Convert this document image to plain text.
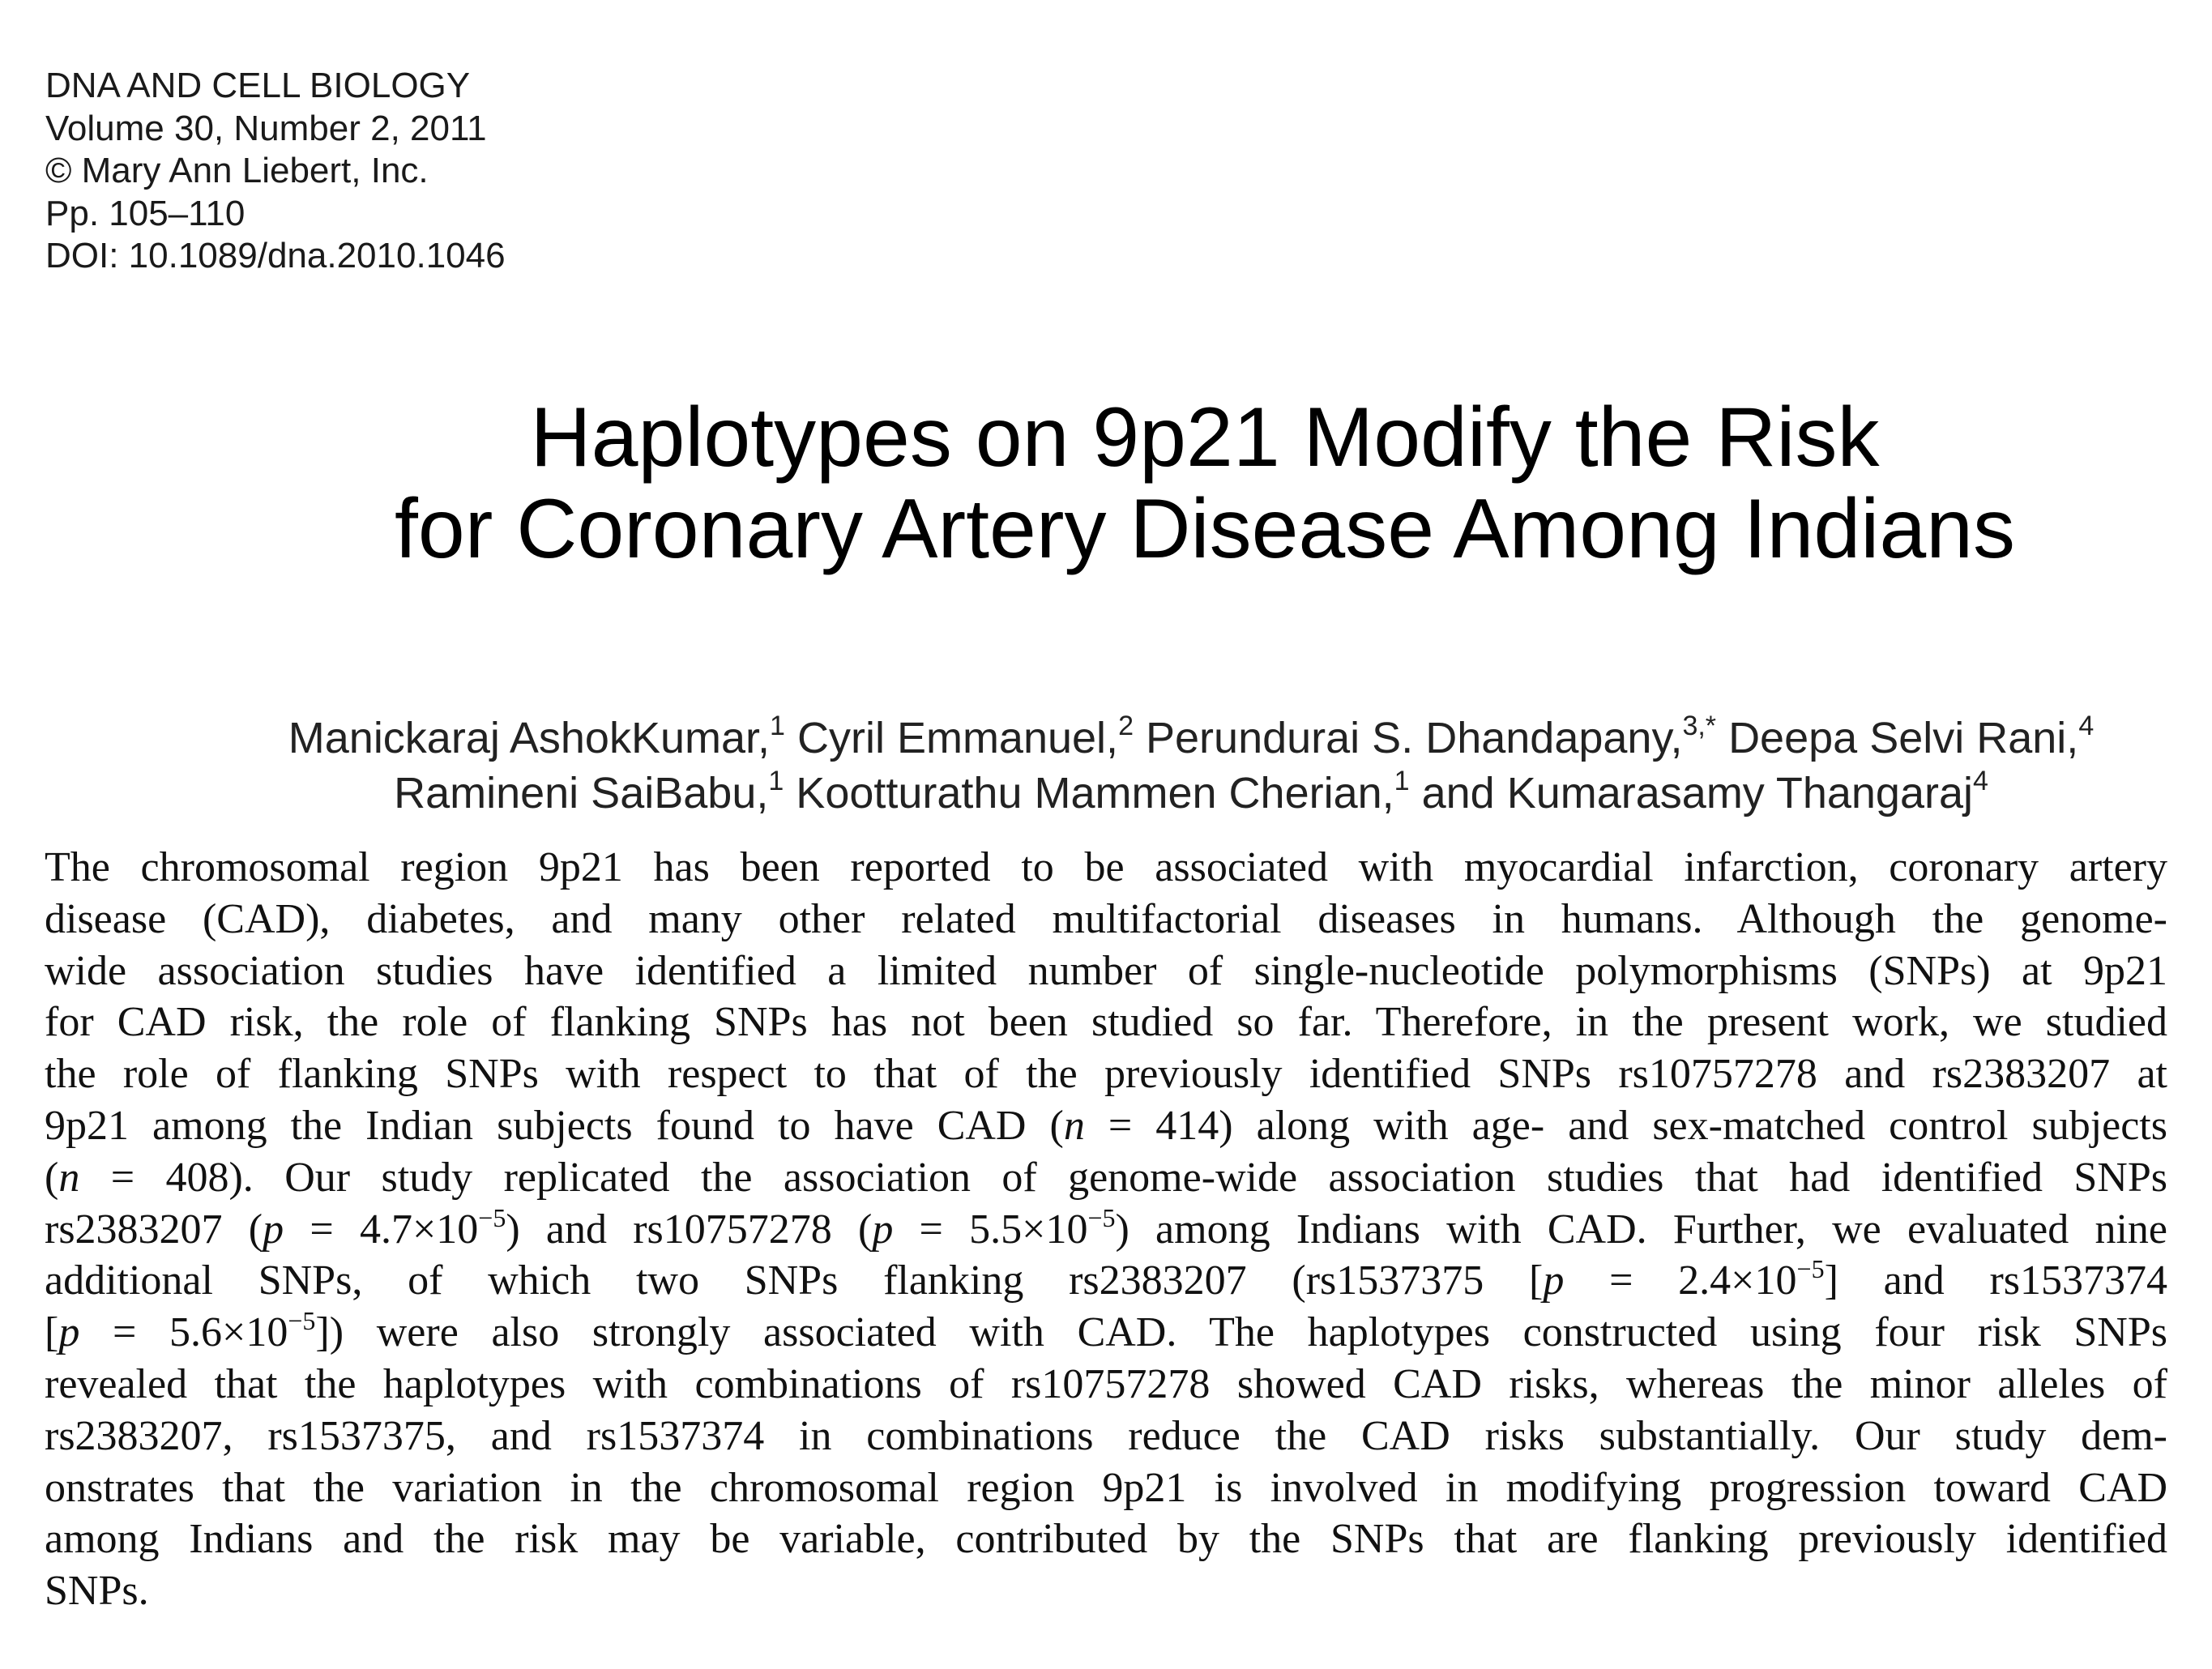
DNA AND CELL BIOLOGY
Volume 30, Number 2, 2011
© Mary Ann Liebert, Inc.
Pp. 105–110
DOI: 10.1089/dna.2010.1046
Haplotypes on 9p21 Modify the Risk
for Coronary Artery Disease Among Indians
Manickaraj AshokKumar,$^1$ Cyril Emmanuel,$^2$ Perundurai S. Dhandapany,$^{3,*}$ Deepa Selvi Rani,$^4$
Ramineni SaiBabu,$^1$ Kootturathu Mammen Cherian,$^1$ and Kumarasamy Thangaraj$^4$
The chromosomal region 9p21 has been reported to be associated with myocardial infarction, coronary artery
disease (CAD), diabetes, and many other related multifactorial diseases in humans. Although the genome-
wide association studies have identified a limited number of single-nucleotide polymorphisms (SNPs) at 9p21
for CAD risk, the role of flanking SNPs has not been studied so far. Therefore, in the present work, we studied
the role of flanking SNPs with respect to that of the previously identified SNPs rs10757278 and rs2383207 at
9p21 among the Indian subjects found to have CAD (n = 414) along with age- and sex-matched control subjects
(n = 408). Our study replicated the association of genome-wide association studies that had identified SNPs
rs2383207 $(p = 4.7\times 10^{-5})$ and rs10757278 $(p = 5.5\times 10^{-5})$ among Indians with CAD. Further, we evaluated nine
additional SNPs, of which two SNPs flanking rs2383207 (rs1537375 $[p = 2.4\times 10^{-5}]$ and rs1537374
$[p = 5.6\times 10^{-5}]$) were also strongly associated with CAD. The haplotypes constructed using four risk SNPs
revealed that the haplotypes with combinations of rs10757278 showed CAD risks, whereas the minor alleles of
rs2383207, rs1537375, and rs1537374 in combinations reduce the CAD risks substantially. Our study dem-
onstrates that the variation in the chromosomal region 9p21 is involved in modifying progression toward CAD
among Indians and the risk may be variable, contributed by the SNPs that are flanking previously identified
SNPs.
